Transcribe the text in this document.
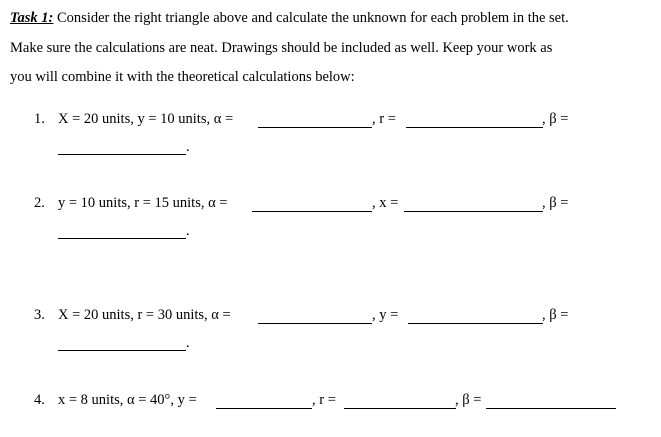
Task 1: Consider the right triangle above and calculate the unknown for each problem in the set.
Make sure the calculations are neat. Drawings should be included as well. Keep your work as
you will combine it with the theoretical calculations below:
1. X = 20 units, y = 10 units, α =	, r =	, β =
.
2. y = 10 units, r = 15 units, α =	, x =	, β =
.
3. X = 20 units, r = 30 units, α =	, y =	, β =
.
4. x = 8 units, α = 40°, y =	, r =	, β =
